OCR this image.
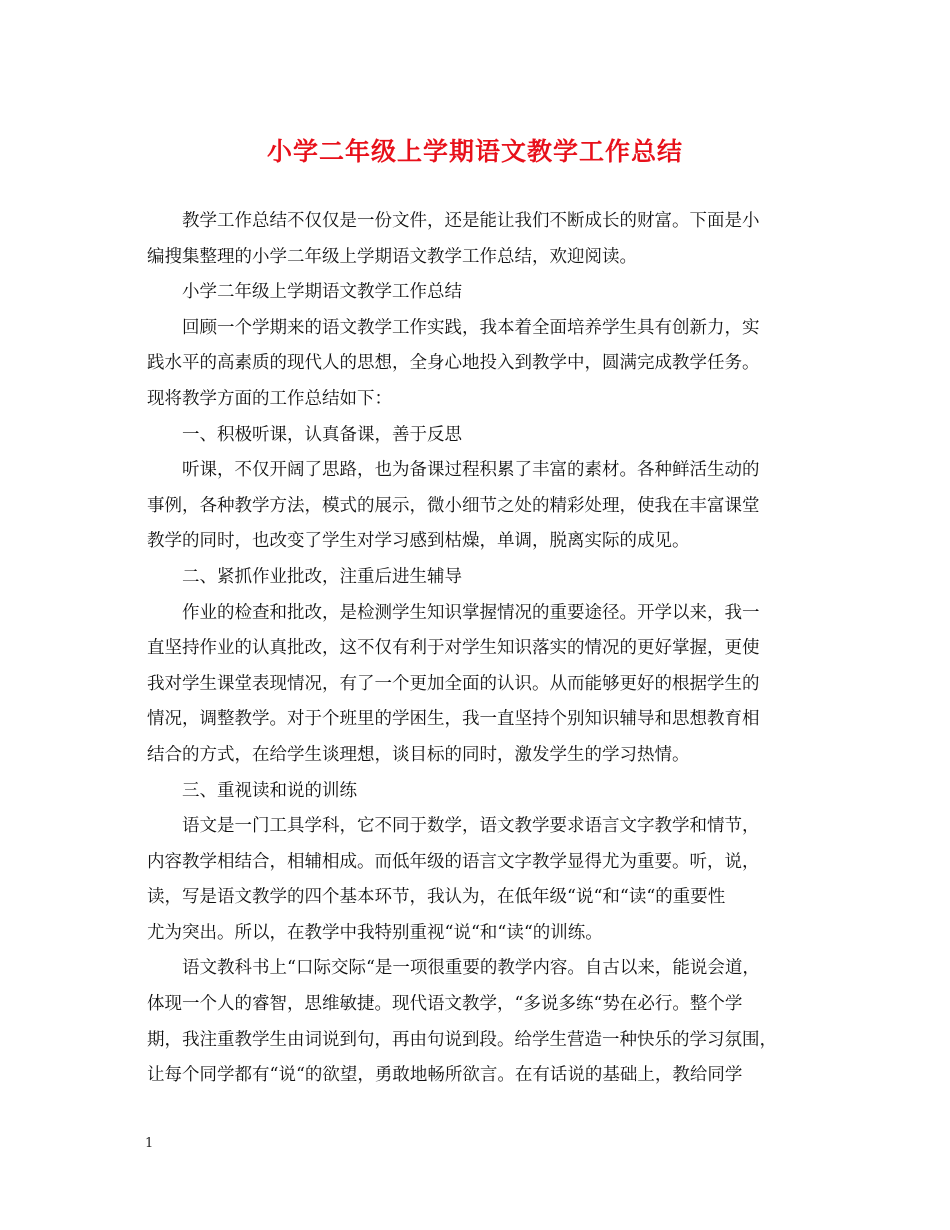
小学二年级上学期语文教学工作总结
教学工作总结不仅仅是一份文件，还是能让我们不断成长的财富。下面是小
编搜集整理的小学二年级上学期语文教学工作总结，欢迎阅读。
小学二年级上学期语文教学工作总结
回顾一个学期来的语文教学工作实践，我本着全面培养学生具有创新力，实
践水平的高素质的现代人的思想，全身心地投入到教学中，圆满完成教学任务。
现将教学方面的工作总结如下：
一、积极听课，认真备课，善于反思
听课，不仅开阔了思路，也为备课过程积累了丰富的素材。各种鲜活生动的
事例，各种教学方法，模式的展示，微小细节之处的精彩处理，使我在丰富课堂
教学的同时，也改变了学生对学习感到枯燥，单调，脱离实际的成见。
二、紧抓作业批改，注重后进生辅导
作业的检查和批改，是检测学生知识掌握情况的重要途径。开学以来，我一
直坚持作业的认真批改，这不仅有利于对学生知识落实的情况的更好掌握，更使
我对学生课堂表现情况，有了一个更加全面的认识。从而能够更好的根据学生的
情况，调整教学。对于个班里的学困生，我一直坚持个别知识辅导和思想教育相
结合的方式，在给学生谈理想，谈目标的同时，激发学生的学习热情。
三、重视读和说的训练
语文是一门工具学科，它不同于数学，语文教学要求语言文字教学和情节，
内容教学相结合，相辅相成。而低年级的语言文字教学显得尤为重要。听，说，
读，写是语文教学的四个基本环节，我认为，在低年级“说“和“读“的重要性
尤为突出。所以，在教学中我特别重视“说“和“读“的训练。
语文教科书上“口际交际“是一项很重要的教学内容。自古以来，能说会道，
体现一个人的睿智，思维敏捷。现代语文教学，“多说多练“势在必行。整个学
期，我注重教学生由词说到句，再由句说到段。给学生营造一种快乐的学习氛围，
让每个同学都有“说“的欲望，勇敢地畅所欲言。在有话说的基础上，教给同学
1
